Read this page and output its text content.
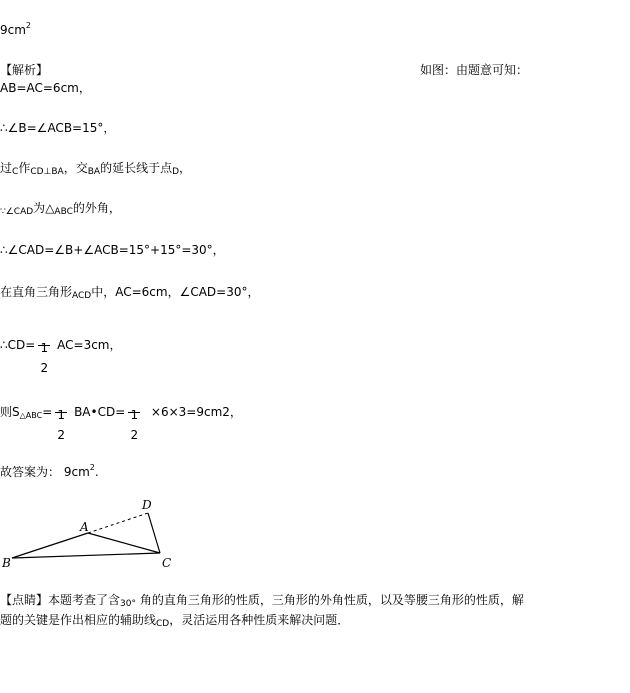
$9cm^2$
【解析】	如图：由题意可知：
AB=AC=6cm，
∴∠B=∠ACB=15°，
过$_C$作$_{CD\perp BA}$，交$_{BA}$的延长线于点$_D$，
$_{\because\angle CAD}$为$\triangle_{ABC}$的外角，
∴∠CAD=∠B+∠ACB=15°+15°=30°，
在直角三角形$_{ACD}$中，AC=6cm，∠CAD=30°，
∴CD= 1
2
AC=3cm，
则$S_{\triangle ABC}= 1$
2
BA•CD= 1
2
×6×3=9cm2，
故答案为： $9cm^2$.
A
B	C
D
【点睛】本题考查了含$_{30^\circ}$ 角的直角三角形的性质，三角形的外角性质，以及等腰三角形的性质，解
题的关键是作出相应的辅助线$_{CD}$，灵活运用各种性质来解决问题．
